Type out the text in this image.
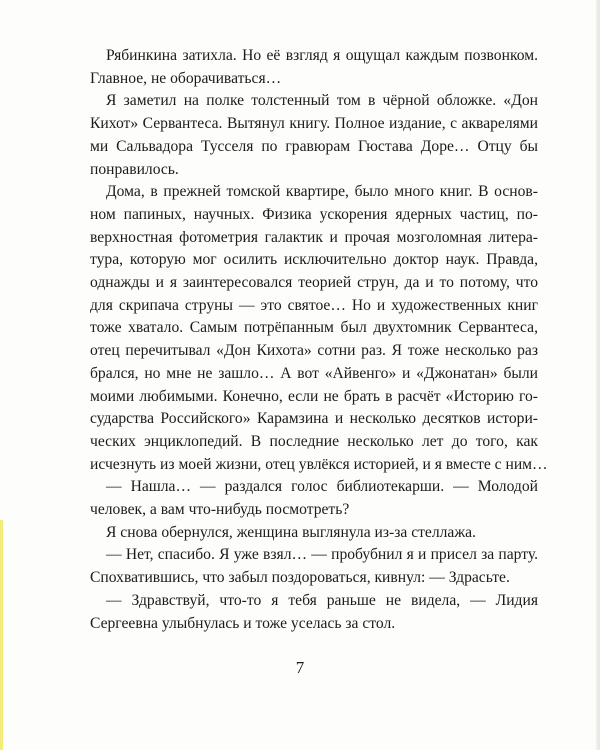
Рябинкина затихла. Но её взгляд я ощущал каждым позвонком.
Главное, не оборачиваться…

Я заметил на полке толстенный том в чёрной обложке. «Дон
Кихот» Сервантеса. Вытянул книгу. Полное издание, с акварелями
ми Сальвадора Тусселя по гравюрам Гюстава Доре… Отцу бы
понравилось.

Дома, в прежней томской квартире, было много книг. В основ-
ном папиных, научных. Физика ускорения ядерных частиц, по-
верхностная фотометрия галактик и прочая мозголомная литера-
тура, которую мог осилить исключительно доктор наук. Правда,
однажды и я заинтересовался теорией струн, да и то потому, что
для скрипача струны — это святое… Но и художественных книг
тоже хватало. Самым потрёпанным был двухтомник Сервантеса,
отец перечитывал «Дон Кихота» сотни раз. Я тоже несколько раз
брался, но мне не зашло… А вот «Айвенго» и «Джонатан» были
моими любимыми. Конечно, если не брать в расчёт «Историю го-
сударства Российского» Карамзина и несколько десятков истори-
ческих энциклопедий. В последние несколько лет до того, как
исчезнуть из моей жизни, отец увлёкся историей, и я вместе с ним…

— Нашла… — раздался голос библиотекарши. — Молодой
человек, а вам что-нибудь посмотреть?

Я снова обернулся, женщина выглянула из-за стеллажа.

— Нет, спасибо. Я уже взял… — пробубнил я и присел за парту.
Спохватившись, что забыл поздороваться, кивнул: — Здрасьте.

— Здравствуй, что-то я тебя раньше не видела, — Лидия
Сергеевна улыбнулась и тоже уселась за стол.

7
